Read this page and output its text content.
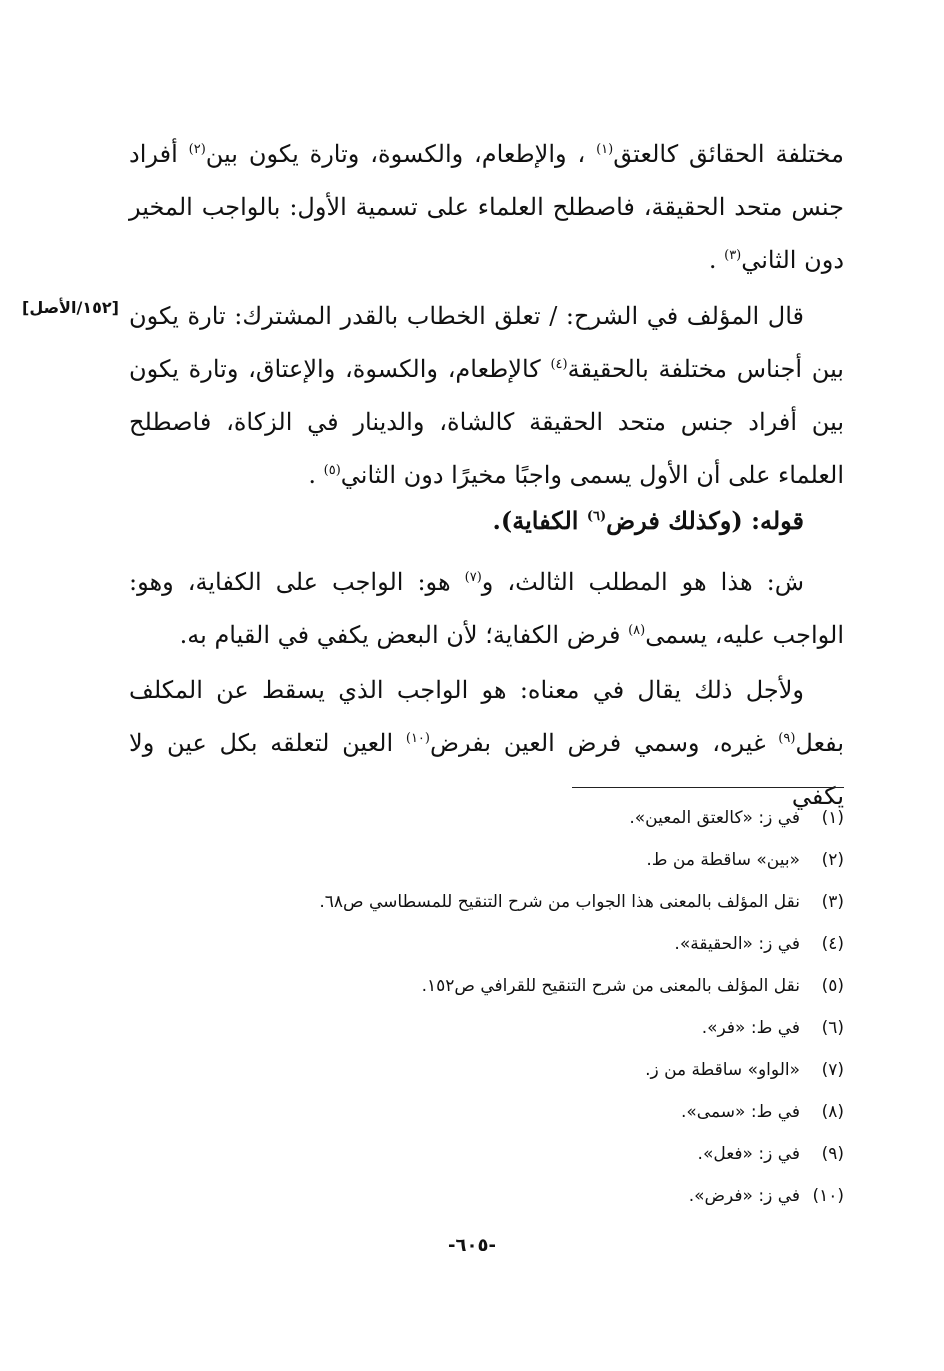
مختلفة الحقائق كالعتق$^{(١)}$ ، والإطعام، والكسوة، وتارة يكون بين$^{(٢)}$ أفراد جنس متحد الحقيقة، فاصطلح العلماء على تسمية الأول: بالواجب المخير دون الثاني$^{(٣)}$ .

قال المؤلف في الشرح: / تعلق الخطاب بالقدر المشترك: تارة يكون بين أجناس مختلفة بالحقيقة$^{(٤)}$ كالإطعام، والكسوة، والإعتاق، وتارة يكون بين أفراد جنس متحد الحقيقة كالشاة، والدينار في الزكاة، فاصطلح العلماء على أن الأول يسمى واجبًا مخيرًا دون الثاني$^{(٥)}$ .

قوله: (وكذلك فرض$^{(٦)}$ الكفاية).

ش: هذا هو المطلب الثالث، و$^{(٧)}$ هو: الواجب على الكفاية، وهو: الواجب عليه، يسمى$^{(٨)}$ فرض الكفاية؛ لأن البعض يكفي في القيام به.

ولأجل ذلك يقال في معناه: هو الواجب الذي يسقط عن المكلف بفعل$^{(٩)}$ غيره، وسمي فرض العين بفرض$^{(١٠)}$ العين لتعلقه بكل عين ولا يكفي

[١٥٢/الأصل]
(١)في ز: «كالعتق المعين».
(٢)«بين» ساقطة من ط.
(٣)نقل المؤلف بالمعنى هذا الجواب من شرح التنقيح للمسطاسي ص٦٨.
(٤)في ز: «الحقيقة».
(٥)نقل المؤلف بالمعنى من شرح التنقيح للقرافي ص١٥٢.
(٦)في ط: «فر».
(٧)«الواو» ساقطة من ز.
(٨)في ط: «سمى».
(٩)في ز: «فعل».
(١٠)في ز: «فرض».
-٦٠٥-
